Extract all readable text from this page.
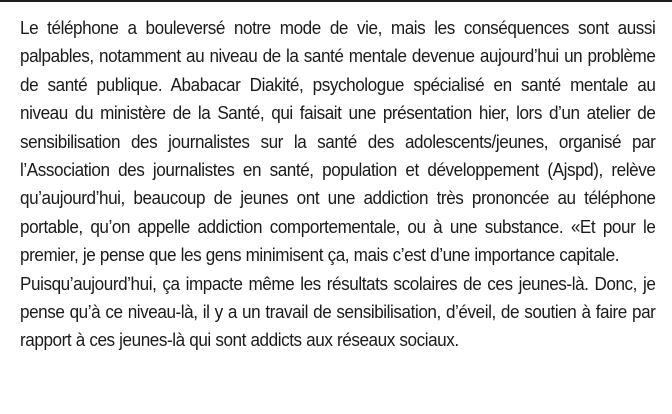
Le téléphone a bouleversé notre mode de vie, mais les conséquences sont aussi palpables, notamment au niveau de la santé mentale devenue aujourd’hui un problème de santé publique. Ababacar Diakité, psychologue spécialisé en santé mentale au niveau du ministère de la Santé, qui faisait une présentation hier, lors d’un atelier de sensibilisation des journalistes sur la santé des adolescents/jeunes, organisé par l’Association des journalistes en santé, population et développement (Ajspd), relève qu’aujourd’hui, beaucoup de jeunes ont une addiction très prononcée au téléphone portable, qu’on appelle addiction comportementale, ou à une substance. «Et pour le premier, je pense que les gens minimisent ça, mais c’est d’une importance capitale.

Puisqu’aujourd’hui, ça impacte même les résultats scolaires de ces jeunes-là. Donc, je pense qu’à ce niveau-là, il y a un travail de sensibilisation, d’éveil, de soutien à faire par rapport à ces jeunes-là qui sont addicts aux réseaux sociaux.
